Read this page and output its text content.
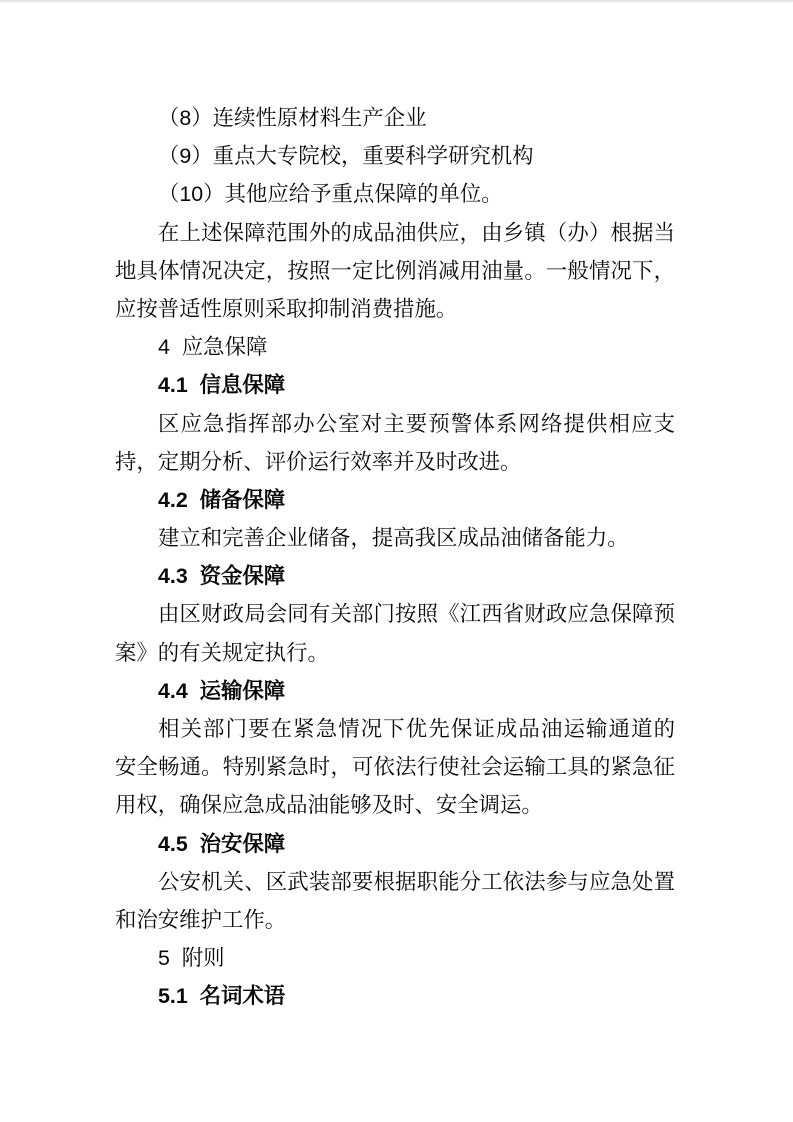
（8）连续性原材料生产企业
（9）重点大专院校，重要科学研究机构
（10）其他应给予重点保障的单位。
在上述保障范围外的成品油供应，由乡镇（办）根据当
地具体情况决定，按照一定比例消减用油量。一般情况下，
应按普适性原则采取抑制消费措施。
4  应急保障
4.1  信息保障
区应急指挥部办公室对主要预警体系网络提供相应支
持，定期分析、评价运行效率并及时改进。
4.2  储备保障
建立和完善企业储备，提高我区成品油储备能力。
4.3  资金保障
由区财政局会同有关部门按照《江西省财政应急保障预
案》的有关规定执行。
4.4  运输保障
相关部门要在紧急情况下优先保证成品油运输通道的
安全畅通。特别紧急时，可依法行使社会运输工具的紧急征
用权，确保应急成品油能够及时、安全调运。
4.5  治安保障
公安机关、区武装部要根据职能分工依法参与应急处置
和治安维护工作。
5  附则
5.1  名词术语
